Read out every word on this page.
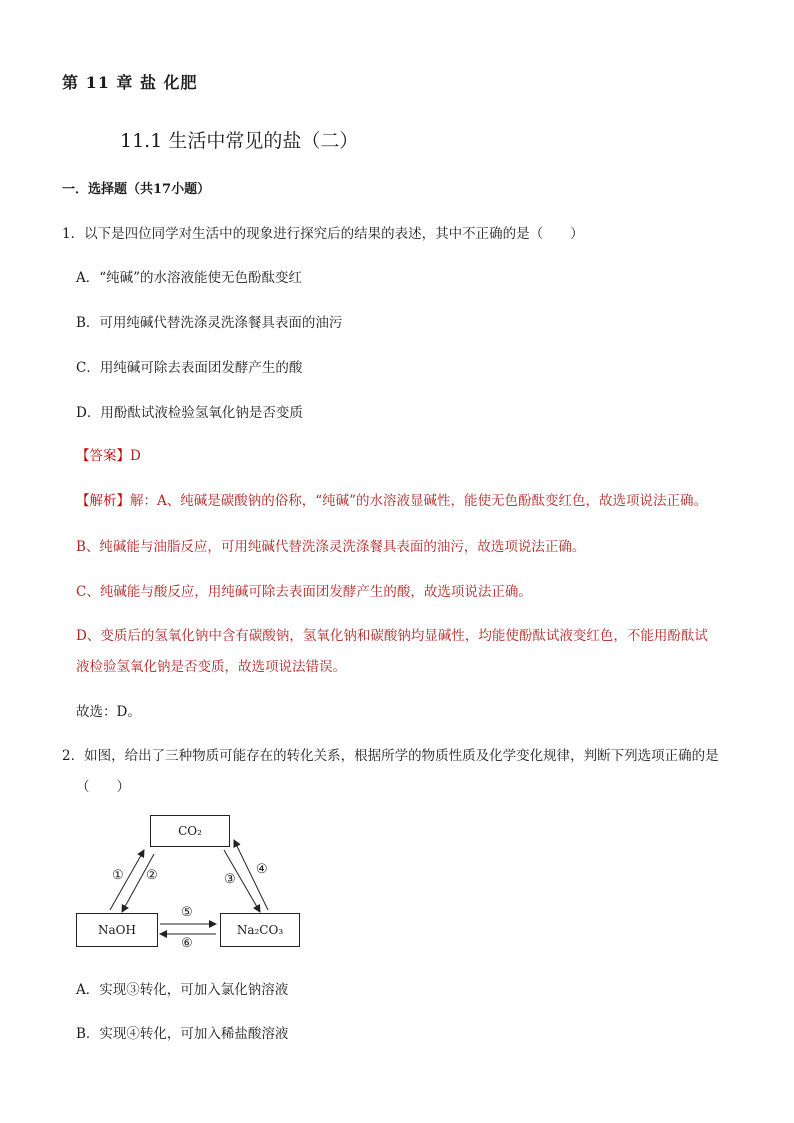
第 11 章 盐 化肥
11.1 生活中常见的盐（二）
一．选择题（共17小题）
1．以下是四位同学对生活中的现象进行探究后的结果的表述，其中不正确的是（　　）
A．“纯碱”的水溶液能使无色酚酞变红
B．可用纯碱代替洗涤灵洗涤餐具表面的油污
C．用纯碱可除去表面团发酵产生的酸
D．用酚酞试液检验氢氧化钠是否变质
【答案】D
【解析】解：A、纯碱是碳酸钠的俗称，“纯碱”的水溶液显碱性，能使无色酚酞变红色，故选项说法正确。
B、纯碱能与油脂反应，可用纯碱代替洗涤灵洗涤餐具表面的油污，故选项说法正确。
C、纯碱能与酸反应，用纯碱可除去表面团发酵产生的酸，故选项说法正确。
D、变质后的氢氧化钠中含有碳酸钠，氢氧化钠和碳酸钠均显碱性，均能使酚酞试液变红色，不能用酚酞试
液检验氢氧化钠是否变质，故选项说法错误。
故选：D。
2．如图，给出了三种物质可能存在的转化关系，根据所学的物质性质及化学变化规律，判断下列选项正确的是
（　　）
CO₂
NaOH	Na₂CO₃
① ②	③
④
⑤
⑥
A．实现③转化，可加入氯化钠溶液
B．实现④转化，可加入稀盐酸溶液
